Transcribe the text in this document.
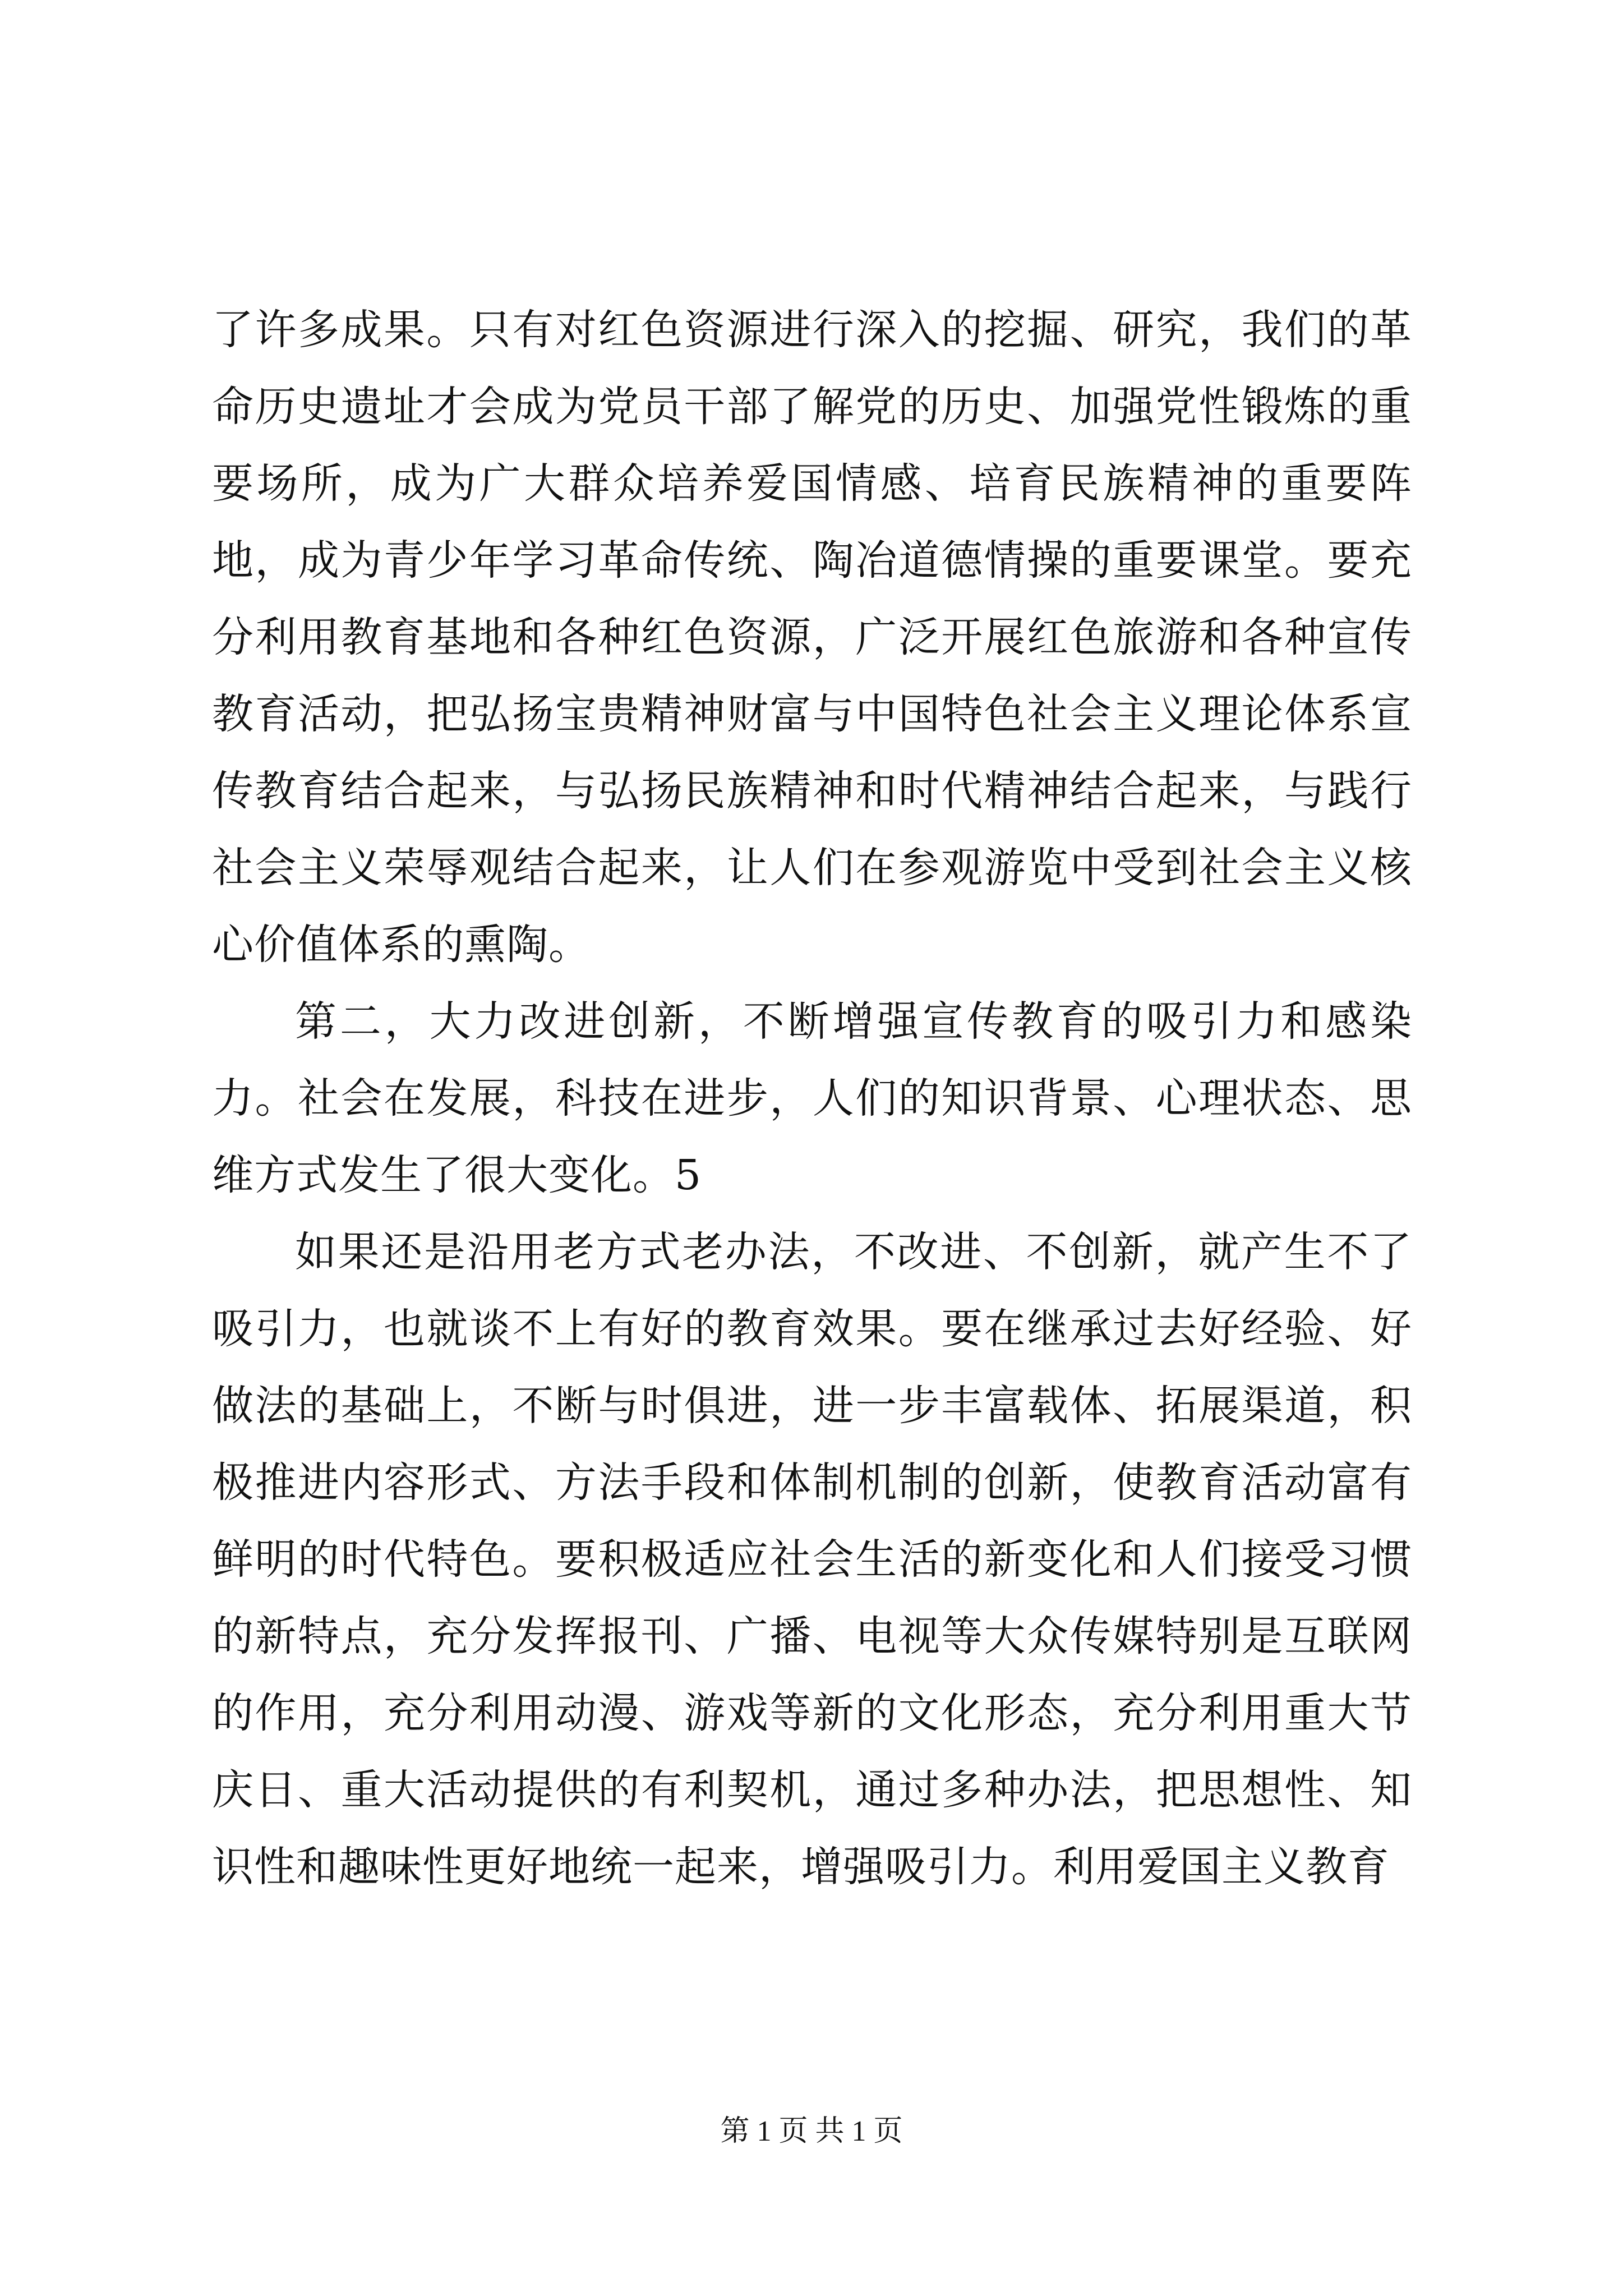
了许多成果。只有对红色资源进行深入的挖掘、研究，我们的革命历史遗址才会成为党员干部了解党的历史、加强党性锻炼的重要场所，成为广大群众培养爱国情感、培育民族精神的重要阵地，成为青少年学习革命传统、陶冶道德情操的重要课堂。要充分利用教育基地和各种红色资源，广泛开展红色旅游和各种宣传教育活动，把弘扬宝贵精神财富与中国特色社会主义理论体系宣传教育结合起来，与弘扬民族精神和时代精神结合起来，与践行社会主义荣辱观结合起来，让人们在参观游览中受到社会主义核心价值体系的熏陶。

第二，大力改进创新，不断增强宣传教育的吸引力和感染力。社会在发展，科技在进步，人们的知识背景、心理状态、思维方式发生了很大变化。5

如果还是沿用老方式老办法，不改进、不创新，就产生不了吸引力，也就谈不上有好的教育效果。要在继承过去好经验、好做法的基础上，不断与时俱进，进一步丰富载体、拓展渠道，积极推进内容形式、方法手段和体制机制的创新，使教育活动富有鲜明的时代特色。要积极适应社会生活的新变化和人们接受习惯的新特点，充分发挥报刊、广播、电视等大众传媒特别是互联网的作用，充分利用动漫、游戏等新的文化形态，充分利用重大节庆日、重大活动提供的有利契机，通过多种办法，把思想性、知识性和趣味性更好地统一起来，增强吸引力。利用爱国主义教育

第 1 页 共 1 页
